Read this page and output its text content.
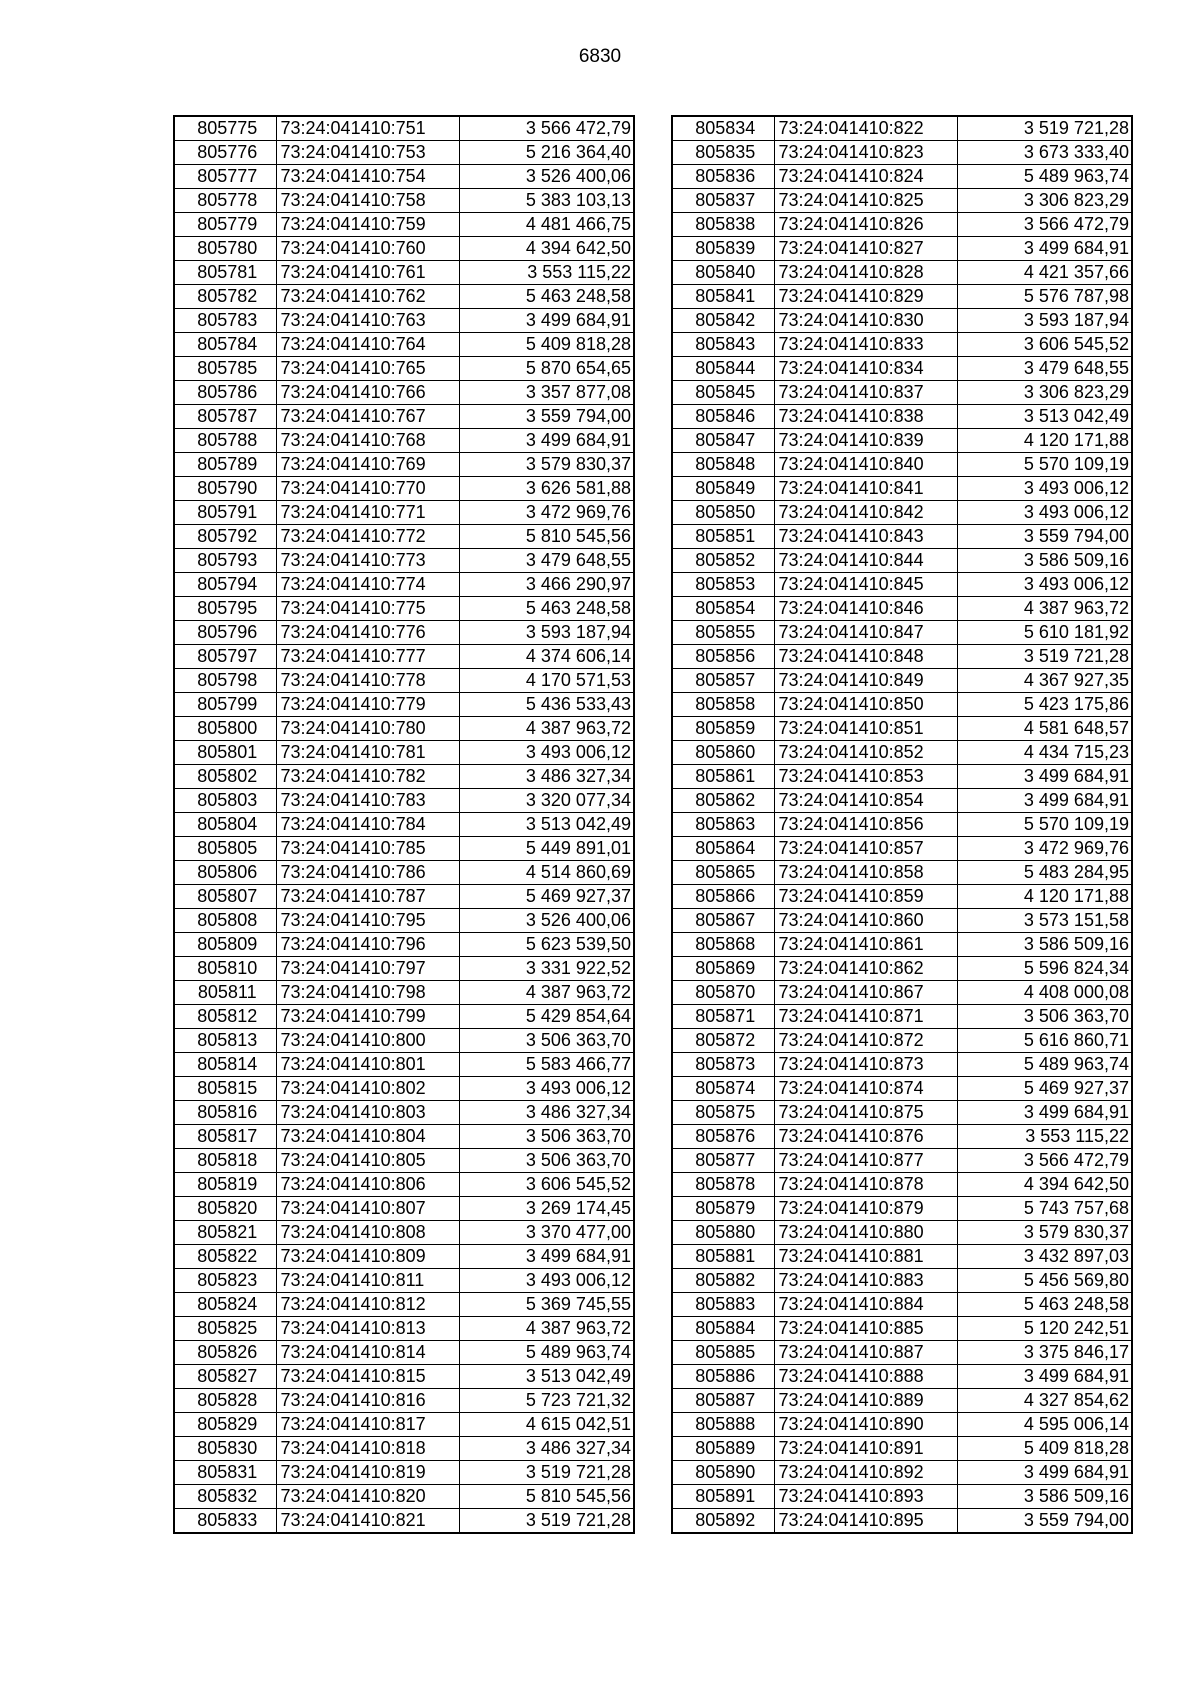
6830
805775	73:24:041410:751	3 566 472,79
805776	73:24:041410:753	5 216 364,40
805777	73:24:041410:754	3 526 400,06
805778	73:24:041410:758	5 383 103,13
805779	73:24:041410:759	4 481 466,75
805780	73:24:041410:760	4 394 642,50
805781	73:24:041410:761	3 553 115,22
805782	73:24:041410:762	5 463 248,58
805783	73:24:041410:763	3 499 684,91
805784	73:24:041410:764	5 409 818,28
805785	73:24:041410:765	5 870 654,65
805786	73:24:041410:766	3 357 877,08
805787	73:24:041410:767	3 559 794,00
805788	73:24:041410:768	3 499 684,91
805789	73:24:041410:769	3 579 830,37
805790	73:24:041410:770	3 626 581,88
805791	73:24:041410:771	3 472 969,76
805792	73:24:041410:772	5 810 545,56
805793	73:24:041410:773	3 479 648,55
805794	73:24:041410:774	3 466 290,97
805795	73:24:041410:775	5 463 248,58
805796	73:24:041410:776	3 593 187,94
805797	73:24:041410:777	4 374 606,14
805798	73:24:041410:778	4 170 571,53
805799	73:24:041410:779	5 436 533,43
805800	73:24:041410:780	4 387 963,72
805801	73:24:041410:781	3 493 006,12
805802	73:24:041410:782	3 486 327,34
805803	73:24:041410:783	3 320 077,34
805804	73:24:041410:784	3 513 042,49
805805	73:24:041410:785	5 449 891,01
805806	73:24:041410:786	4 514 860,69
805807	73:24:041410:787	5 469 927,37
805808	73:24:041410:795	3 526 400,06
805809	73:24:041410:796	5 623 539,50
805810	73:24:041410:797	3 331 922,52
805811	73:24:041410:798	4 387 963,72
805812	73:24:041410:799	5 429 854,64
805813	73:24:041410:800	3 506 363,70
805814	73:24:041410:801	5 583 466,77
805815	73:24:041410:802	3 493 006,12
805816	73:24:041410:803	3 486 327,34
805817	73:24:041410:804	3 506 363,70
805818	73:24:041410:805	3 506 363,70
805819	73:24:041410:806	3 606 545,52
805820	73:24:041410:807	3 269 174,45
805821	73:24:041410:808	3 370 477,00
805822	73:24:041410:809	3 499 684,91
805823	73:24:041410:811	3 493 006,12
805824	73:24:041410:812	5 369 745,55
805825	73:24:041410:813	4 387 963,72
805826	73:24:041410:814	5 489 963,74
805827	73:24:041410:815	3 513 042,49
805828	73:24:041410:816	5 723 721,32
805829	73:24:041410:817	4 615 042,51
805830	73:24:041410:818	3 486 327,34
805831	73:24:041410:819	3 519 721,28
805832	73:24:041410:820	5 810 545,56
805833	73:24:041410:821	3 519 721,28
805834	73:24:041410:822	3 519 721,28
805835	73:24:041410:823	3 673 333,40
805836	73:24:041410:824	5 489 963,74
805837	73:24:041410:825	3 306 823,29
805838	73:24:041410:826	3 566 472,79
805839	73:24:041410:827	3 499 684,91
805840	73:24:041410:828	4 421 357,66
805841	73:24:041410:829	5 576 787,98
805842	73:24:041410:830	3 593 187,94
805843	73:24:041410:833	3 606 545,52
805844	73:24:041410:834	3 479 648,55
805845	73:24:041410:837	3 306 823,29
805846	73:24:041410:838	3 513 042,49
805847	73:24:041410:839	4 120 171,88
805848	73:24:041410:840	5 570 109,19
805849	73:24:041410:841	3 493 006,12
805850	73:24:041410:842	3 493 006,12
805851	73:24:041410:843	3 559 794,00
805852	73:24:041410:844	3 586 509,16
805853	73:24:041410:845	3 493 006,12
805854	73:24:041410:846	4 387 963,72
805855	73:24:041410:847	5 610 181,92
805856	73:24:041410:848	3 519 721,28
805857	73:24:041410:849	4 367 927,35
805858	73:24:041410:850	5 423 175,86
805859	73:24:041410:851	4 581 648,57
805860	73:24:041410:852	4 434 715,23
805861	73:24:041410:853	3 499 684,91
805862	73:24:041410:854	3 499 684,91
805863	73:24:041410:856	5 570 109,19
805864	73:24:041410:857	3 472 969,76
805865	73:24:041410:858	5 483 284,95
805866	73:24:041410:859	4 120 171,88
805867	73:24:041410:860	3 573 151,58
805868	73:24:041410:861	3 586 509,16
805869	73:24:041410:862	5 596 824,34
805870	73:24:041410:867	4 408 000,08
805871	73:24:041410:871	3 506 363,70
805872	73:24:041410:872	5 616 860,71
805873	73:24:041410:873	5 489 963,74
805874	73:24:041410:874	5 469 927,37
805875	73:24:041410:875	3 499 684,91
805876	73:24:041410:876	3 553 115,22
805877	73:24:041410:877	3 566 472,79
805878	73:24:041410:878	4 394 642,50
805879	73:24:041410:879	5 743 757,68
805880	73:24:041410:880	3 579 830,37
805881	73:24:041410:881	3 432 897,03
805882	73:24:041410:883	5 456 569,80
805883	73:24:041410:884	5 463 248,58
805884	73:24:041410:885	5 120 242,51
805885	73:24:041410:887	3 375 846,17
805886	73:24:041410:888	3 499 684,91
805887	73:24:041410:889	4 327 854,62
805888	73:24:041410:890	4 595 006,14
805889	73:24:041410:891	5 409 818,28
805890	73:24:041410:892	3 499 684,91
805891	73:24:041410:893	3 586 509,16
805892	73:24:041410:895	3 559 794,00
